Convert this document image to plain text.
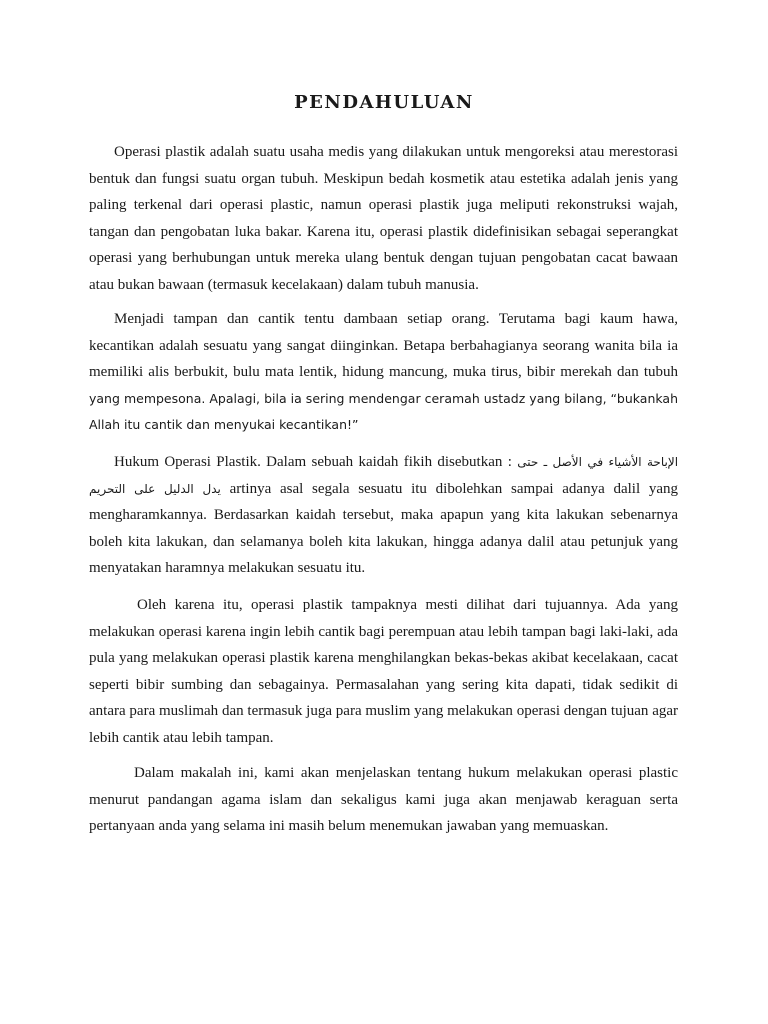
PENDAHULUAN

Operasi plastik adalah suatu usaha medis yang dilakukan untuk mengoreksi atau merestorasi bentuk dan fungsi suatu organ tubuh. Meskipun bedah kosmetik atau estetika adalah jenis yang paling terkenal dari operasi plastic, namun operasi plastik juga meliputi rekonstruksi wajah, tangan dan pengobatan luka bakar. Karena itu, operasi plastik didefinisikan sebagai seperangkat operasi yang berhubungan untuk mereka ulang bentuk dengan tujuan pengobatan cacat bawaan atau bukan bawaan (termasuk kecelakaan) dalam tubuh manusia.

Menjadi tampan dan cantik tentu dambaan setiap orang. Terutama bagi kaum hawa, kecantikan adalah sesuatu yang sangat diinginkan. Betapa berbahagianya seorang wanita bila ia memiliki alis berbukit, bulu mata lentik, hidung mancung, muka tirus, bibir merekah dan tubuh yang mempesona. Apalagi, bila ia sering mendengar ceramah ustadz yang bilang, “bukankah Allah itu cantik dan menyukai kecantikan!”

Hukum Operasi Plastik. Dalam sebuah kaidah fikih disebutkan : الإباحة الأشياء في الأصل ـ حتى يدل الدليل على التحريم artinya asal segala sesuatu itu dibolehkan sampai adanya dalil yang mengharamkannya. Berdasarkan kaidah tersebut, maka apapun yang kita lakukan sebenarnya boleh kita lakukan, dan selamanya boleh kita lakukan, hingga adanya dalil atau petunjuk yang menyatakan haramnya melakukan sesuatu itu.

Oleh karena itu, operasi plastik tampaknya mesti dilihat dari tujuannya. Ada yang melakukan operasi karena ingin lebih cantik bagi perempuan atau lebih tampan bagi laki-laki, ada pula yang melakukan operasi plastik karena menghilangkan bekas-bekas akibat kecelakaan, cacat seperti bibir sumbing dan sebagainya. Permasalahan yang sering kita dapati, tidak sedikit di antara para muslimah dan termasuk juga para muslim yang melakukan operasi dengan tujuan agar lebih cantik atau lebih tampan.

Dalam makalah ini, kami akan menjelaskan tentang hukum melakukan operasi plastic menurut pandangan agama islam dan sekaligus kami juga akan menjawab keraguan serta pertanyaan anda yang selama ini masih belum menemukan jawaban yang memuaskan.
